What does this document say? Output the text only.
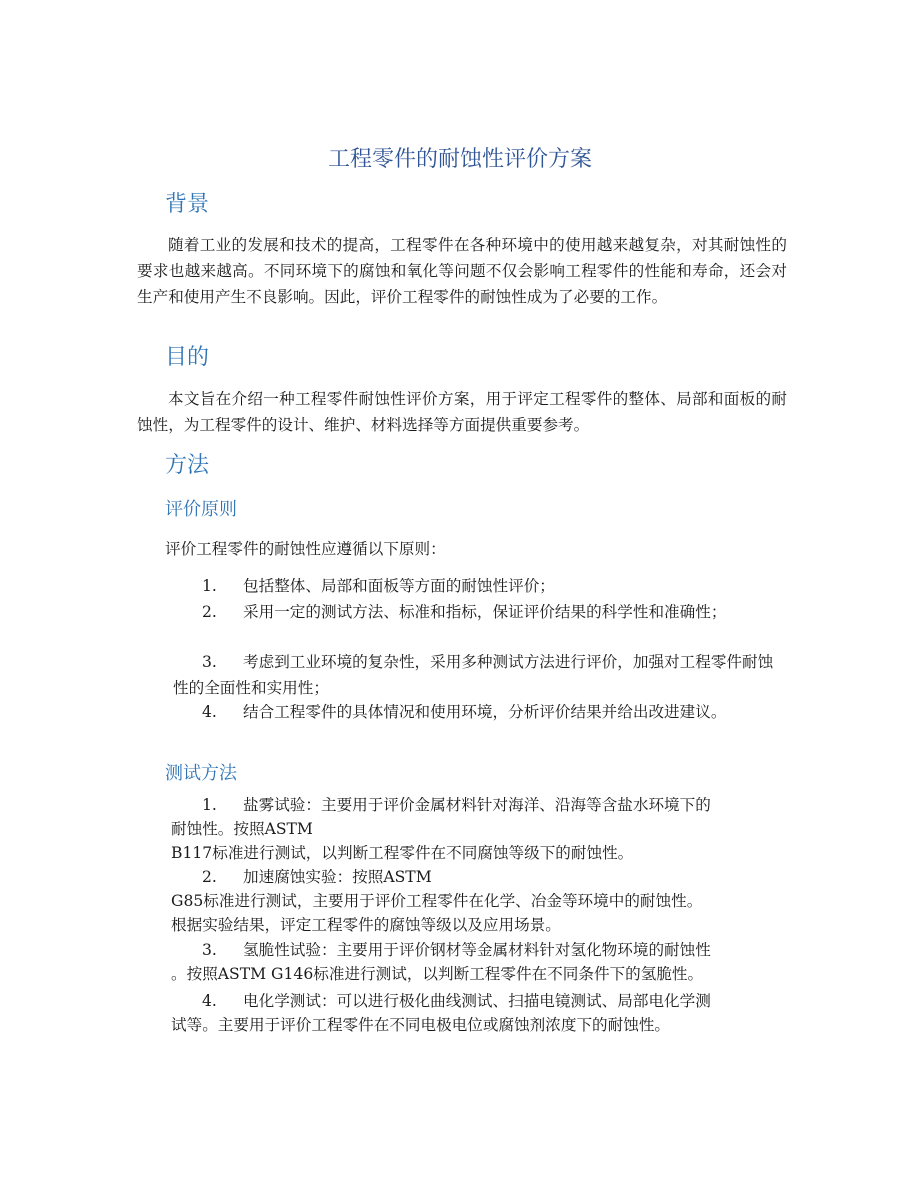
工程零件的耐蚀性评价方案
背景

随着工业的发展和技术的提高，工程零件在各种环境中的使用越来越复杂，对其耐蚀性的要求也越来越高。不同环境下的腐蚀和氧化等问题不仅会影响工程零件的性能和寿命，还会对生产和使用产生不良影响。因此，评价工程零件的耐蚀性成为了必要的工作。

目的

本文旨在介绍一种工程零件耐蚀性评价方案，用于评定工程零件的整体、局部和面板的耐蚀性，为工程零件的设计、维护、材料选择等方面提供重要参考。

方法
评价原则

评价工程零件的耐蚀性应遵循以下原则：

1. 包括整体、局部和面板等方面的耐蚀性评价；
2.	采用一定的测试方法、标准和指标，保证评价结果的科学性和准确性；
3.	考虑到工业环境的复杂性，采用多种测试方法进行评价，加强对工程零件耐蚀性的全面性和实用性；
4.	结合工程零件的具体情况和使用环境，分析评价结果并给出改进建议。
测试方法
1. 盐雾试验：主要用于评价金属材料针对海洋、沿海等含盐水环境下的
耐蚀性。按照ASTM
B117标准进行测试，以判断工程零件在不同腐蚀等级下的耐蚀性。
2. 加速腐蚀实验：按照ASTM
G85标准进行测试，主要用于评价工程零件在化学、冶金等环境中的耐蚀性。
根据实验结果，评定工程零件的腐蚀等级以及应用场景。
3. 氢脆性试验：主要用于评价钢材等金属材料针对氢化物环境的耐蚀性
。按照ASTM G146标准进行测试，以判断工程零件在不同条件下的氢脆性。
4. 电化学测试：可以进行极化曲线测试、扫描电镜测试、局部电化学测
试等。主要用于评价工程零件在不同电极电位或腐蚀剂浓度下的耐蚀性。
